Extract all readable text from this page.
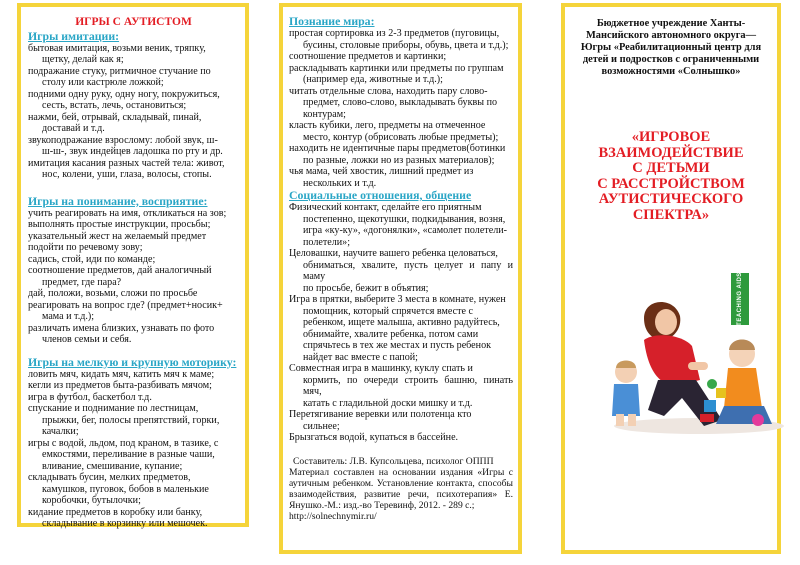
ИГРЫ С АУТИСТОМ
Игры имитации:
бытовая имитация, возьми веник, тряпку,
щетку, делай как я;
подражание стуку, ритмичное стучание по
столу или кастрюле ложкой;
подними одну руку, одну ногу, покружиться,
сесть, встать, лечь, остановиться;
нажми, бей, отрывай, складывай, пинай,
доставай и т.д.
звукоподражание взрослому: лобой звук, ш-
ш-ш-, звук индейцев ладошка по рту и др.
имитация касания разных частей тела: живот,
нос, колени, уши, глаза, волосы, стопы.
Игры на понимание, восприятие:
учить реагировать на имя, откликаться на зов;
выполнять простые инструкции, просьбы;
указательный жест на желаемый предмет
подойти по речевому зову;
садись, стой, иди по команде;
соотношение предметов, дай аналогичный
предмет, где пара?
дай, положи, возьми, сложи по просьбе
реагировать на вопрос где? (предмет+носик+
мама и т.д.);
различать имена близких, узнавать по фото
членов семьи и себя.
Игры на мелкую и крупную моторику:
ловить мяч, кидать мяч, катить мяч к маме;
кегли из предметов быта-разбивать мячом;
игра в футбол, баскетбол т.д.
спускание и поднимание по лестницам,
прыжки, бег, полосы препятствий, горки,
качалки;
игры с водой, льдом, под краном, в тазике, с
емкостями, переливание в разные чаши,
вливание, смешивание, купание;
складывать бусин, мелких предметов,
камушков, пуговок, бобов в маленькие
коробочки, бутылочки;
кидание предметов в коробку или банку,
складывание в корзинку или мешочек.
Познание мира:
простая сортировка из 2-3 предметов (пуговицы,
бусины, столовые приборы, обувь, цвета и т.д.);
соотношение предметов и картинки;
раскладывать картинки или предметы по группам
(например еда, животные и т.д.);
читать отдельные слова, находить пару слово-
предмет, слово-слово, выкладывать буквы по
контурам;
класть кубики, лего, предметы на отмеченное
место, контур (обрисовать любые предметы);
находить не идентичные пары предметов(ботинки
по разные, ложки но из разных материалов);
чья мама, чей хвостик, лишний предмет из
нескольких и т.д.
Социальные отношения, общение
Физический контакт, сделайте его приятным
постепенно, щекотушки, подкидывания, возня,
игра «ку-ку», «догонялки», «самолет полетели-
полетели»;
Целовашки, научите вашего ребенка целоваться,
обниматься, хвалите, пусть целует и папу и маму
по просьбе, бежит в объятия;
Игра в прятки, выберите 3 места в комнате, нужен
помощник, который спрячется вместе с
ребенком, ищете малыша, активно радуйтесь,
обнимайте, хвалите ребенка, потом сами
спрячьтесь в тех же местах и пусть ребенок
найдет вас вместе с папой;
Совместная игра в машинку, куклу спать и
кормить, по очереди строить башню, пинать мяч,
катать с гладильной доски мишку и т.д.
Перетягивание веревки или полотенца кто
сильнее;
Брызгаться водой, купаться в бассейне.
Составитель: Л.В. Купсольцева, психолог ОППП
Материал составлен на основании издания «Игры с аутичным ребенком. Установление контакта, способы взаимодействия, развитие речи, психотерапия» Е. Янушко.-М.: изд.-во Теревинф, 2012. - 289 с.;
http://solnechnymir.ru/
Бюджетное учреждение Ханты-Мансийского автономного округа—Югры «Реабилитационный центр для детей и подростков с ограниченными возможностями «Солнышко»
«ИГРОВОЕ
ВЗАИМОДЕЙСТВИЕ
С ДЕТЬМИ
С РАССТРОЙСТВОМ
АУТИСТИЧЕСКОГО
СПЕКТРА»
TEACHING AIDS
